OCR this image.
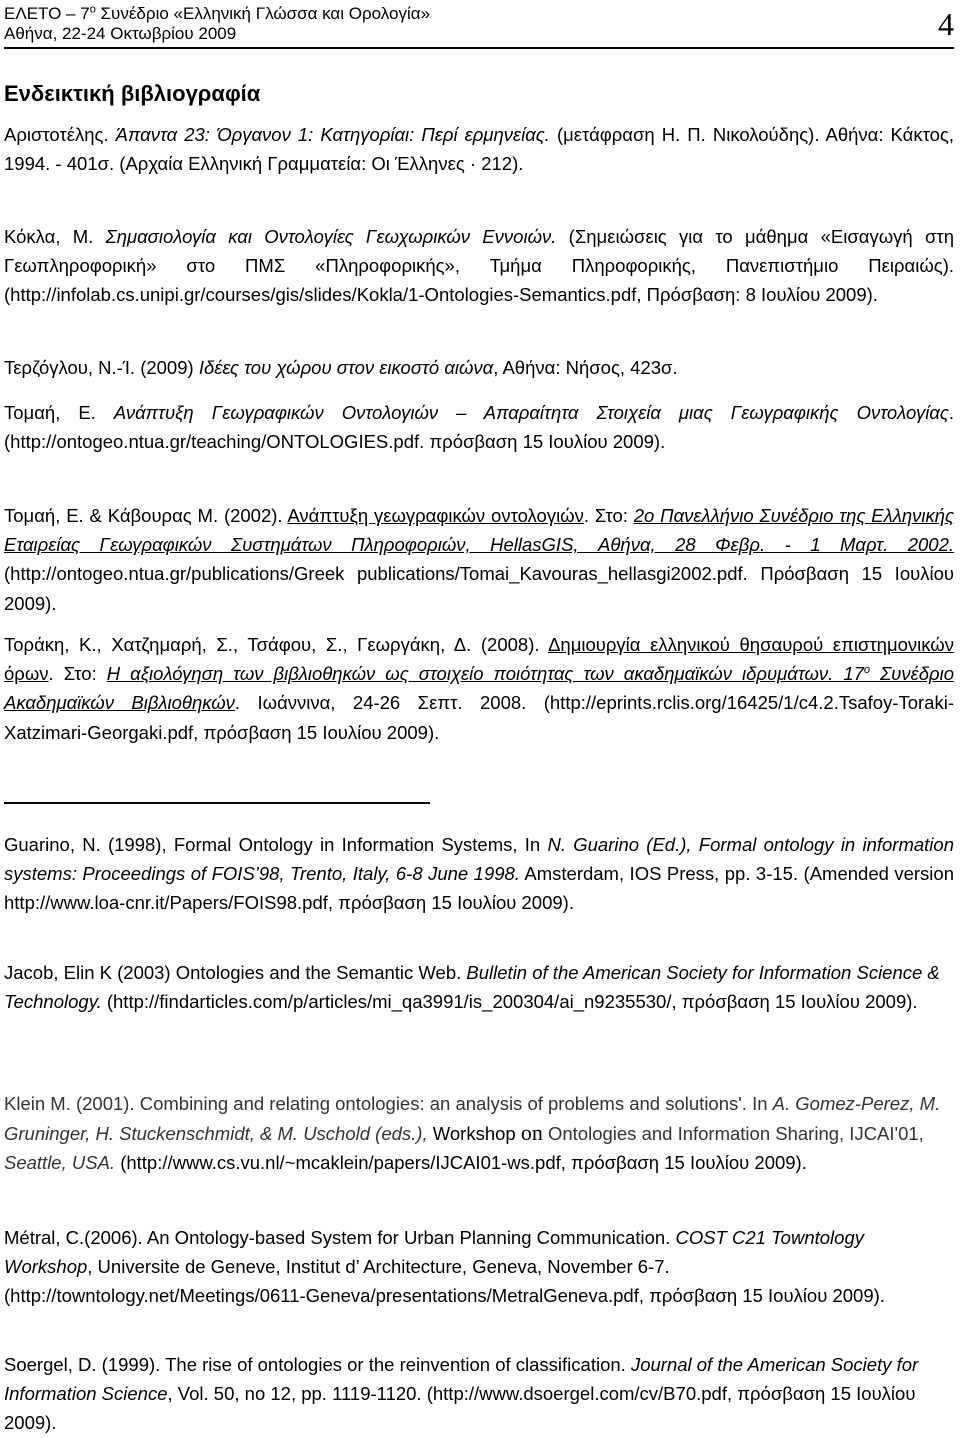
ΕΛΕΤΟ – $7^o$ Συνέδριο «Ελληνική Γλώσσα και Ορολογία»
Αθήνα, 22-24 Οκτωβρίου 2009	4
Ενδεικτική βιβλιογραφία
Αριστοτέλης. Άπαντα 23: Όργανον 1: Κατηγορίαι: Περί ερμηνείας. (μετάφραση Η. Π. Νικολούδης). Αθήνα: Κάκτος, 1994. - 401σ. (Αρχαία Ελληνική Γραμματεία: Οι Έλληνες · 212).
Κόκλα, Μ. Σημασιολογία και Οντολογίες Γεωχωρικών Εννοιών. (Σημειώσεις για το μάθημα «Εισαγωγή στη Γεωπληροφορική» στο ΠΜΣ «Πληροφορικής», Τμήμα Πληροφορικής, Πανεπιστήμιο Πειραιώς). (http://infolab.cs.unipi.gr/courses/gis/slides/Kokla/1-Ontologies-Semantics.pdf, Πρόσβαση: 8 Ιουλίου 2009).
Τερζόγλου, Ν.-Ί. (2009) Ιδέες του χώρου στον εικοστό αιώνα, Αθήνα: Νήσος, 423σ.
Τομαή, Ε. Ανάπτυξη Γεωγραφικών Οντολογιών – Απαραίτητα Στοιχεία μιας Γεωγραφικής Οντολογίας. (http://ontogeo.ntua.gr/teaching/ONTOLOGIES.pdf. πρόσβαση 15 Ιουλίου 2009).
Τομαή, Ε. & Κάβουρας Μ. (2002). Ανάπτυξη γεωγραφικών οντολογιών. Στο: 2ο Πανελλήνιο Συνέδριο της Ελληνικής Εταιρείας Γεωγραφικών Συστημάτων Πληροφοριών, HellasGIS, Αθήνα, 28 Φεβρ. - 1 Μαρτ. 2002. (http://ontogeo.ntua.gr/publications/Greek publications/Tomai_Kavouras_hellasgi2002.pdf. Πρόσβαση 15 Ιουλίου 2009).
Τοράκη, Κ., Χατζημαρή, Σ., Τσάφου, Σ., Γεωργάκη, Δ. (2008). Δημιουργία ελληνικού θησαυρού επιστημονικών όρων. Στο: Η αξιολόγηση των βιβλιοθηκών ως στοιχείο ποιότητας των ακαδημαϊκών ιδρυμάτων. $17^o$ Συνέδριο Ακαδημαϊκών Βιβλιοθηκών. Ιωάννινα, 24-26 Σεπτ. 2008. (http://eprints.rclis.org/16425/1/c4.2.Tsafoy-Toraki-Xatzimari-Georgaki.pdf, πρόσβαση 15 Ιουλίου 2009).
Guarino, N. (1998), Formal Ontology in Information Systems, In N. Guarino (Ed.), Formal ontology in information systems: Proceedings of FOIS’98, Trento, Italy, 6-8 June 1998. Amsterdam, IOS Press, pp. 3-15. (Amended version http://www.loa-cnr.it/Papers/FOIS98.pdf, πρόσβαση 15 Ιουλίου 2009).
Jacob, Elin K (2003) Ontologies and the Semantic Web. Bulletin of the American Society for Information Science & Technology. (http://findarticles.com/p/articles/mi_qa3991/is_200304/ai_n9235530/, πρόσβαση 15 Ιουλίου 2009).
Klein M. (2001). Combining and relating ontologies: an analysis of problems and solutions'. In A. Gomez-Perez, M. Gruninger, H. Stuckenschmidt, & M. Uschold (eds.), Workshop on Ontologies and Information Sharing, IJCAI'01, Seattle, USA. (http://www.cs.vu.nl/~mcaklein/papers/IJCAI01-ws.pdf, πρόσβαση 15 Ιουλίου 2009).
Métral, C.(2006). An Ontology-based System for Urban Planning Communication. COST C21 Towntology Workshop, Universite de Geneve, Institut d’ Architecture, Geneva, November 6-7. (http://towntology.net/Meetings/0611-Geneva/presentations/MetralGeneva.pdf, πρόσβαση 15 Ιουλίου 2009).
Soergel, D. (1999). The rise of ontologies or the reinvention of classification. Journal of the American Society for Information Science, Vol. 50, no 12, pp. 1119-1120. (http://www.dsoergel.com/cv/B70.pdf, πρόσβαση 15 Ιουλίου 2009).
